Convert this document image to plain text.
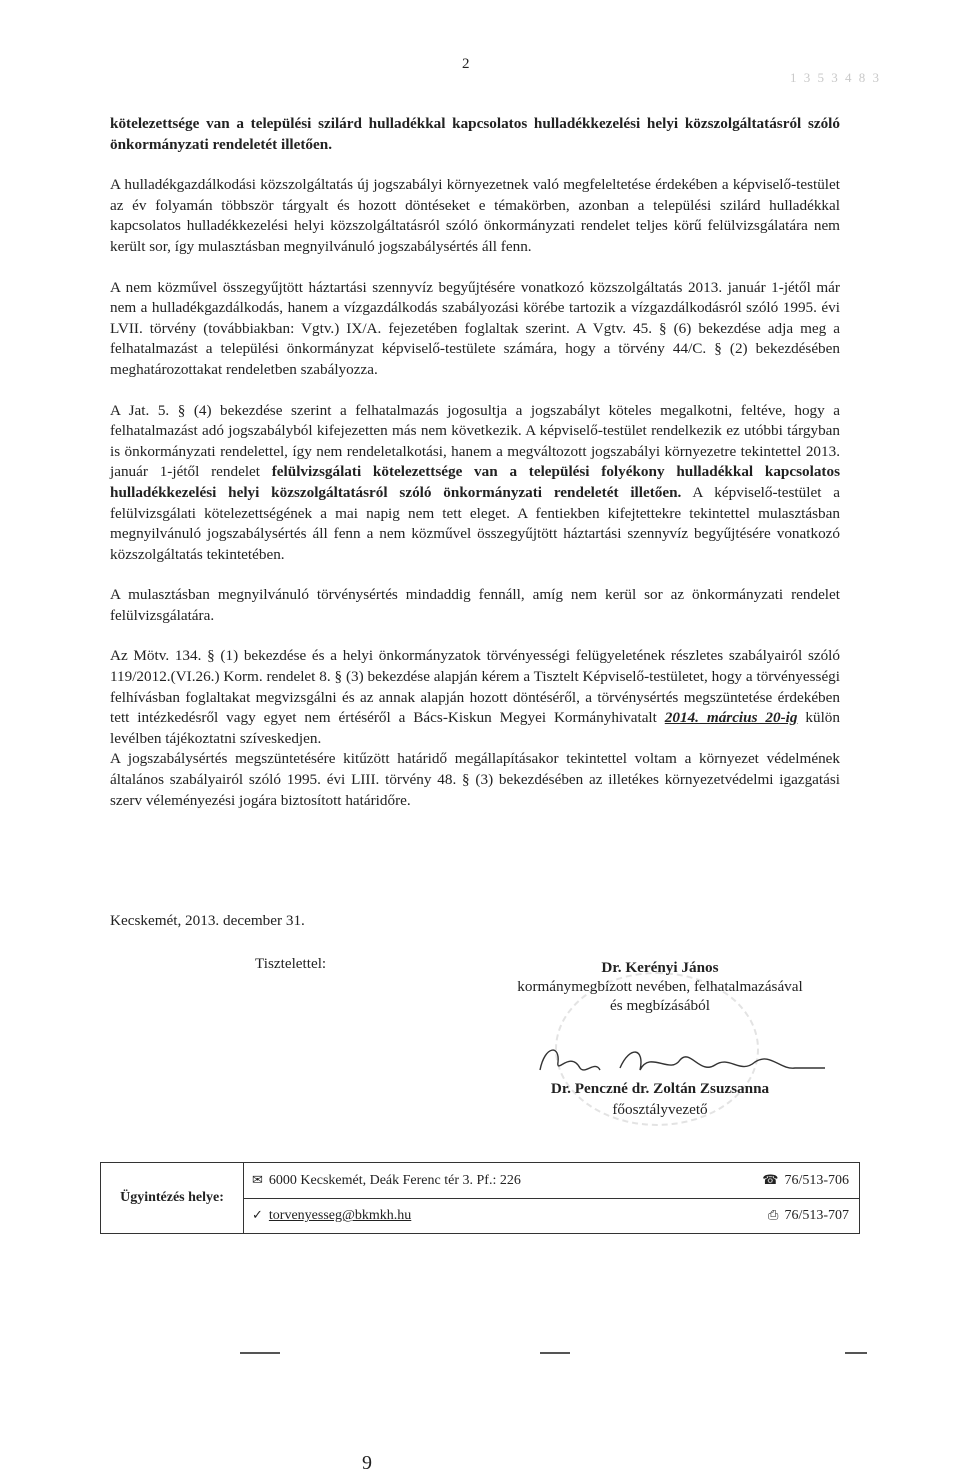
2
1 3 5 3 4 8 3

kötelezettsége van a települési szilárd hulladékkal kapcsolatos hulladékkezelési helyi közszolgáltatásról szóló önkormányzati rendeletét illetően.

A hulladékgazdálkodási közszolgáltatás új jogszabályi környezetnek való megfeleltetése érdekében a képviselő-testület az év folyamán többször tárgyalt és hozott döntéseket e témakörben, azonban a települési szilárd hulladékkal kapcsolatos hulladékkezelési helyi közszolgáltatásról szóló önkormányzati rendelet teljes körű felülvizsgálatára nem került sor, így mulasztásban megnyilvánuló jogszabálysértés áll fenn.

A nem közművel összegyűjtött háztartási szennyvíz begyűjtésére vonatkozó közszolgáltatás 2013. január 1-jétől már nem a hulladékgazdálkodás, hanem a vízgazdálkodás szabályozási körébe tartozik a vízgazdálkodásról szóló 1995. évi LVII. törvény (továbbiakban: Vgtv.) IX/A. fejezetében foglaltak szerint. A Vgtv. 45. § (6) bekezdése adja meg a felhatalmazást a települési önkormányzat képviselő-testülete számára, hogy a törvény 44/C. § (2) bekezdésében meghatározottakat rendeletben szabályozza.

A Jat. 5. § (4) bekezdése szerint a felhatalmazás jogosultja a jogszabályt köteles megalkotni, feltéve, hogy a felhatalmazást adó jogszabályból kifejezetten más nem következik. A képviselő-testület rendelkezik ez utóbbi tárgyban is önkormányzati rendelettel, így nem rendeletalkotási, hanem a megváltozott jogszabályi környezetre tekintettel 2013. január 1-jétől rendelet felülvizsgálati kötelezettsége van a települési folyékony hulladékkal kapcsolatos hulladékkezelési helyi közszolgáltatásról szóló önkormányzati rendeletét illetően. A képviselő-testület a felülvizsgálati kötelezettségének a mai napig nem tett eleget. A fentiekben kifejtettekre tekintettel mulasztásban megnyilvánuló jogszabálysértés áll fenn a nem közművel összegyűjtött háztartási szennyvíz begyűjtésére vonatkozó közszolgáltatás tekintetében.

A mulasztásban megnyilvánuló törvénysértés mindaddig fennáll, amíg nem kerül sor az önkormányzati rendelet felülvizsgálatára.

Az Mötv. 134. § (1) bekezdése és a helyi önkormányzatok törvényességi felügyeletének részletes szabályairól szóló 119/2012.(VI.26.) Korm. rendelet 8. § (3) bekezdése alapján kérem a Tisztelt Képviselő-testületet, hogy a törvényességi felhívásban foglaltakat megvizsgálni és az annak alapján hozott döntéséről, a törvénysértés megszüntetése érdekében tett intézkedésről vagy egyet nem értéséről a Bács-Kiskun Megyei Kormányhivatalt 2014. március 20-ig külön levélben tájékoztatni szíveskedjen.

A jogszabálysértés megszüntetésére kitűzött határidő megállapításakor tekintettel voltam a környezet védelmének általános szabályairól szóló 1995. évi LIII. törvény 48. § (3) bekezdésében az illetékes környezetvédelmi igazgatási szerv véleményezési jogára biztosított határidőre.

Kecskemét, 2013. december 31.
Tisztelettel:	Dr. Kerényi János
kormánymegbízott nevében, felhatalmazásával
és megbízásából
Dr. Penczné dr. Zoltán Zsuzsanna
főosztályvezető
Ügyintézés helye:
✉ 6000 Kecskemét, Deák Ferenc tér 3. Pf.: 226	☎ 76/513-706
✓ torvenyesseg@bkmkh.hu	⎙ 76/513-707
9
